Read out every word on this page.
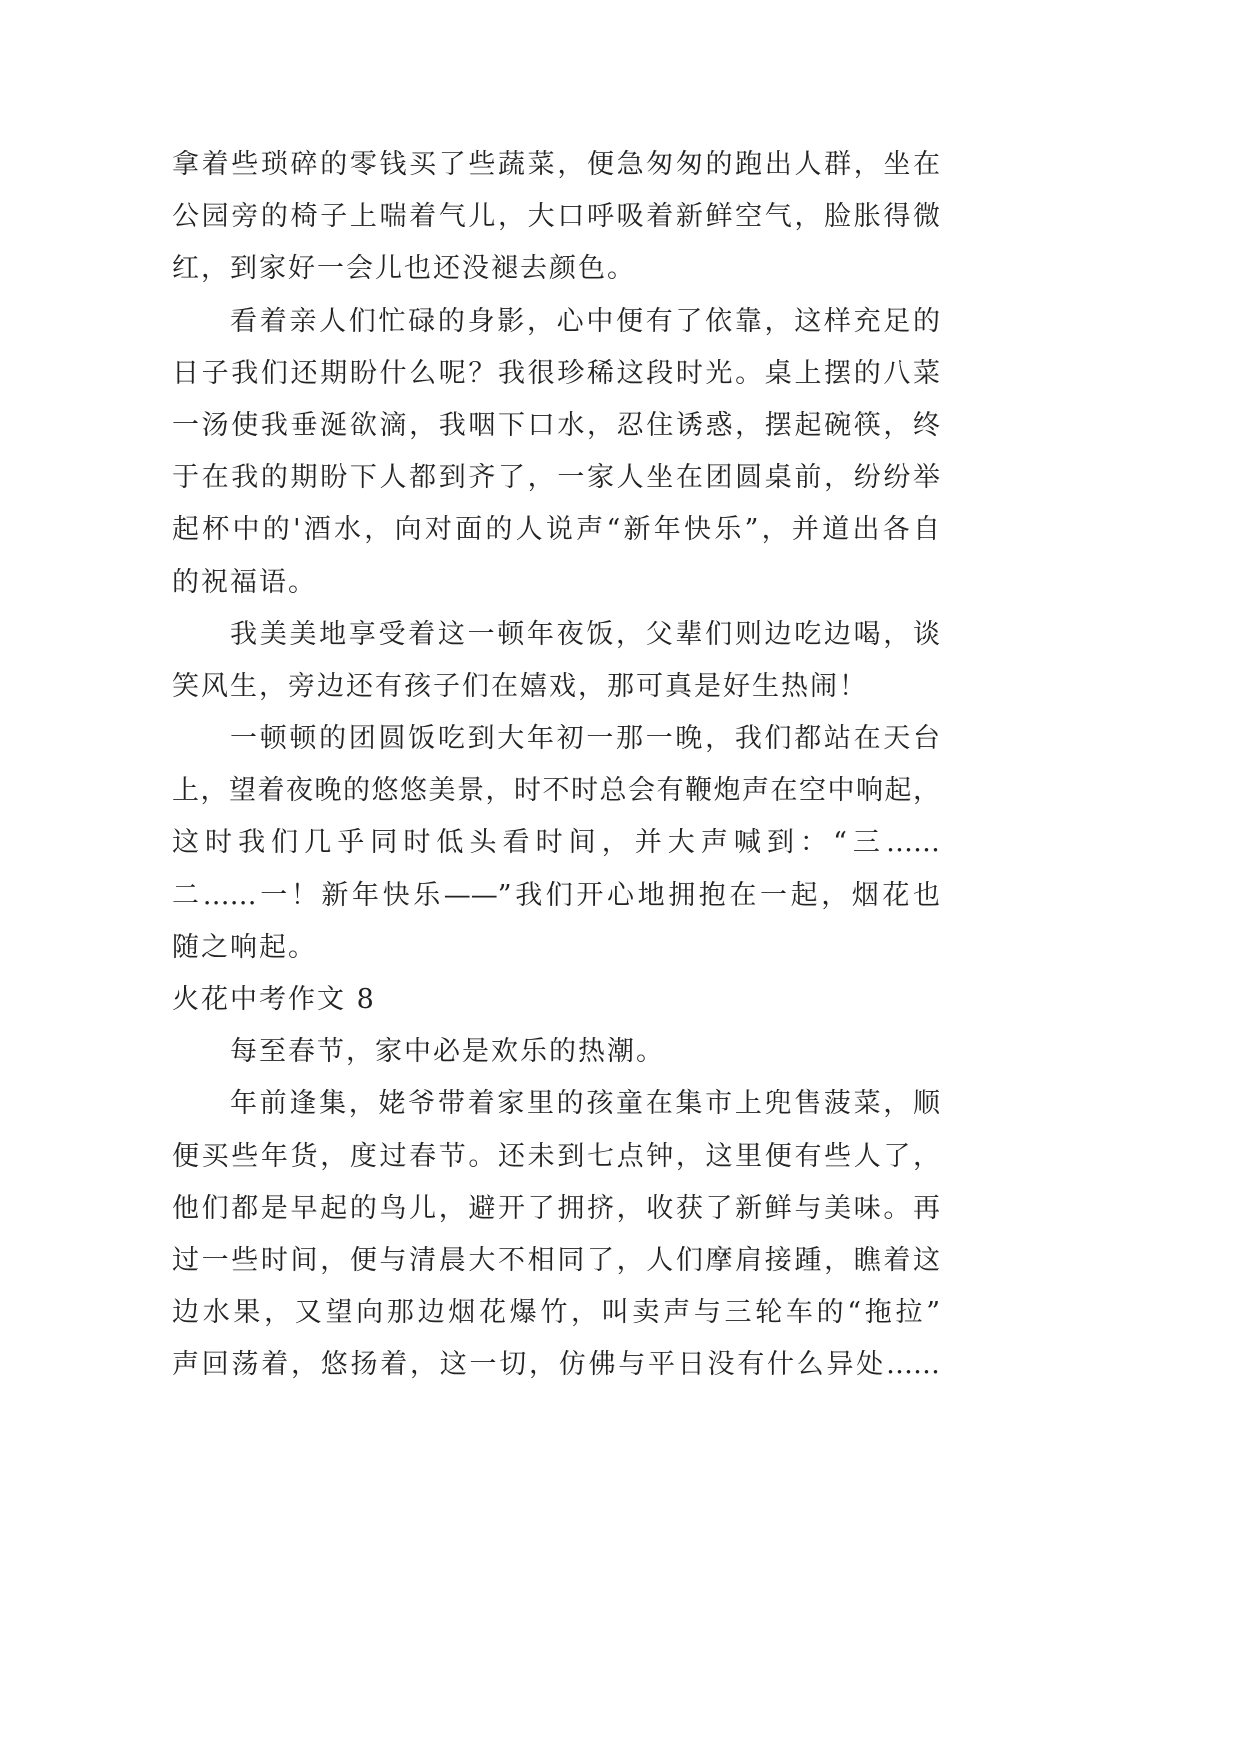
拿着些琐碎的零钱买了些蔬菜，便急匆匆的跑出人群，坐在
公园旁的椅子上喘着气儿，大口呼吸着新鲜空气，脸胀得微
红，到家好一会儿也还没褪去颜色。
看着亲人们忙碌的身影，心中便有了依靠，这样充足的
日子我们还期盼什么呢？我很珍稀这段时光。桌上摆的八菜
一汤使我垂涎欲滴，我咽下口水，忍住诱惑，摆起碗筷，终
于在我的期盼下人都到齐了，一家人坐在团圆桌前，纷纷举
起杯中的'酒水，向对面的人说声“新年快乐”，并道出各自
的祝福语。
我美美地享受着这一顿年夜饭，父辈们则边吃边喝，谈
笑风生，旁边还有孩子们在嬉戏，那可真是好生热闹！
一顿顿的团圆饭吃到大年初一那一晚，我们都站在天台
上，望着夜晚的悠悠美景，时不时总会有鞭炮声在空中响起，
这时我们几乎同时低头看时间，并大声喊到：“三……
二……一！新年快乐——”我们开心地拥抱在一起，烟花也
随之响起。
火花中考作文 8
每至春节，家中必是欢乐的热潮。
年前逢集，姥爷带着家里的孩童在集市上兜售菠菜，顺
便买些年货，度过春节。还未到七点钟，这里便有些人了，
他们都是早起的鸟儿，避开了拥挤，收获了新鲜与美味。再
过一些时间，便与清晨大不相同了，人们摩肩接踵，瞧着这
边水果，又望向那边烟花爆竹，叫卖声与三轮车的“拖拉”
声回荡着，悠扬着，这一切，仿佛与平日没有什么异处……
